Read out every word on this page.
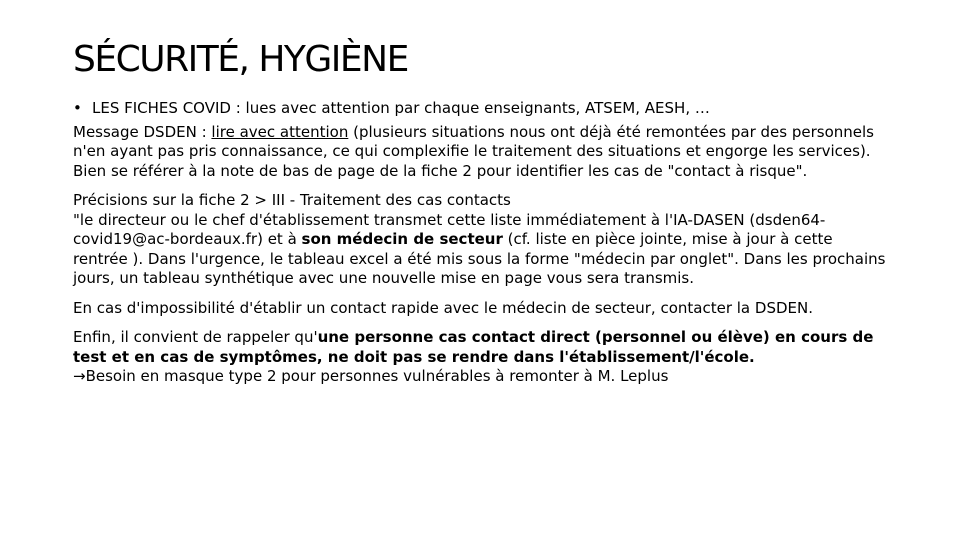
SÉCURITÉ, HYGIÈNE
• LES FICHES COVID : lues avec attention par chaque enseignants, ATSEM, AESH, …

Message DSDEN : lire avec attention (plusieurs situations nous ont déjà été remontées par des personnels n'en ayant pas pris connaissance, ce qui complexifie le traitement des situations et engorge les services). Bien se référer à la note de bas de page de la fiche 2 pour identifier les cas de "contact à risque".

Précisions sur la fiche 2 > III - Traitement des cas contacts
"le directeur ou le chef d'établissement transmet cette liste immédiatement à l'IA-DASEN (dsden64-covid19@ac-bordeaux.fr) et à son médecin de secteur (cf. liste en pièce jointe, mise à jour à cette rentrée ). Dans l'urgence, le tableau excel a été mis sous la forme "médecin par onglet". Dans les prochains jours, un tableau synthétique avec une nouvelle mise en page vous sera transmis.

En cas d'impossibilité d'établir un contact rapide avec le médecin de secteur, contacter la DSDEN.

Enfin, il convient de rappeler qu'une personne cas contact direct (personnel ou élève) en cours de test et en cas de symptômes, ne doit pas se rendre dans l'établissement/l'école.
→Besoin en masque type 2 pour personnes vulnérables à remonter à M. Leplus
